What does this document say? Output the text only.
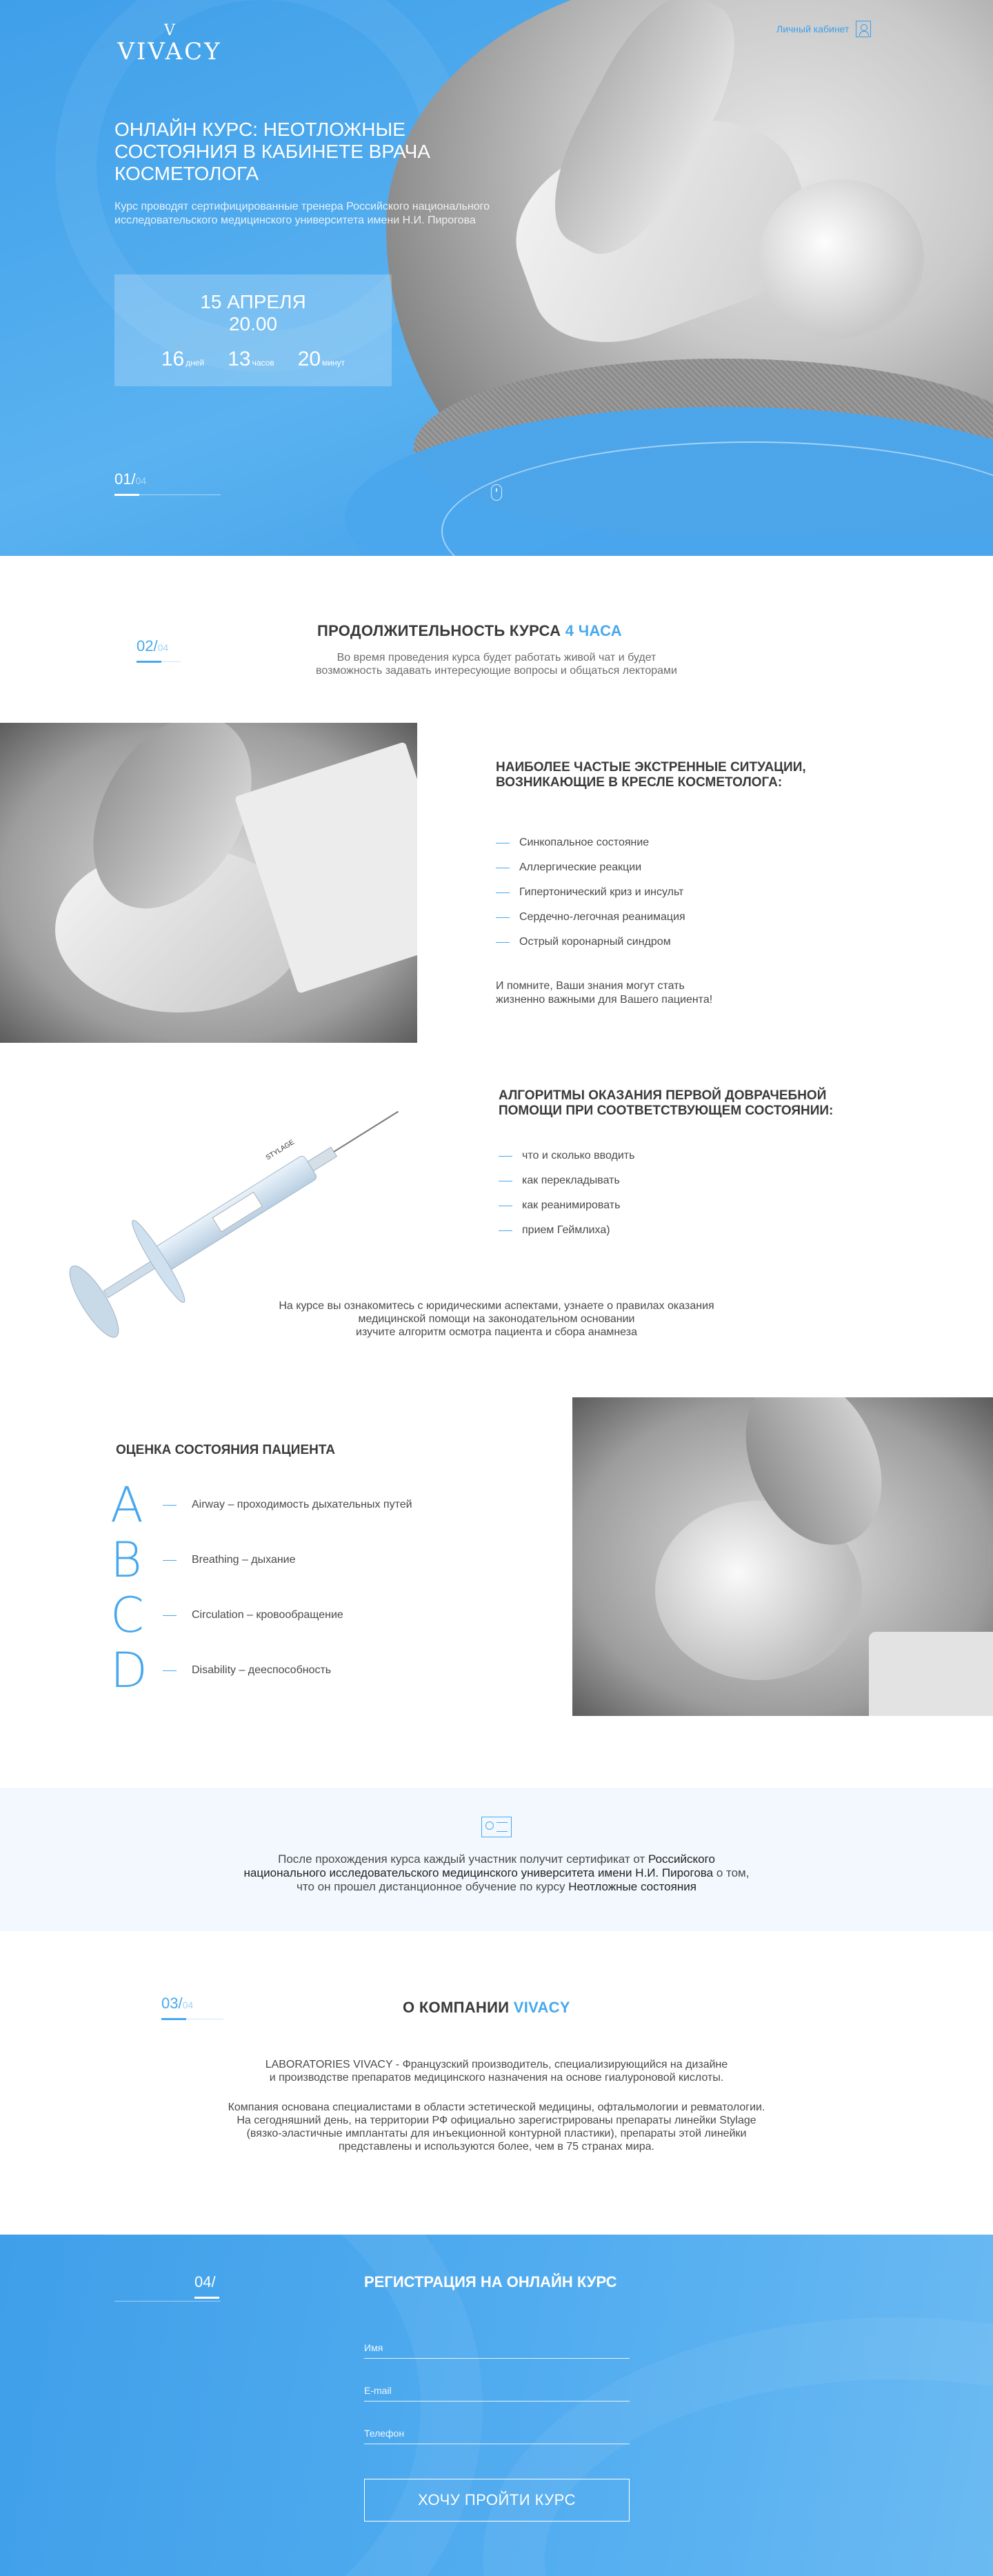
V
VIVACY
Личный кабинет
ОНЛАЙН КУРС: НЕОТЛОЖНЫЕ СОСТОЯНИЯ В КАБИНЕТЕ ВРАЧА КОСМЕТОЛОГА

Курс проводят сертифицированные тренера Российского национального исследовательского медицинского университета имени Н.И. Пирогова

15 АПРЕЛЯ
20.00
16 дней 13 часов 20 минут
01/ 04
02/ 04
ПРОДОЛЖИТЕЛЬНОСТЬ КУРСА 4 ЧАСА

Во время проведения курса будет работать живой чат и будет
возможность задавать интересующие вопросы и общаться лекторами

НАИБОЛЕЕ ЧАСТЫЕ ЭКСТРЕННЫЕ СИТУАЦИИ,
ВОЗНИКАЮЩИЕ В КРЕСЛЕ КОСМЕТОЛОГА:
Синкопальное состояние
Аллергические реакции
Гипертонический криз и инсульт
Сердечно-легочная реанимация
Острый коронарный синдром

И помните, Ваши знания могут стать
жизненно важными для Вашего пациента!

STYLAGE
АЛГОРИТМЫ ОКАЗАНИЯ ПЕРВОЙ ДОВРАЧЕБНОЙ
ПОМОЩИ ПРИ СООТВЕТСТВУЮЩЕМ СОСТОЯНИИ:
что и сколько вводить
как перекладывать
как реанимировать
прием Геймлиха)

На курсе вы ознакомитесь с юридическими аспектами, узнаете о правилах оказания
медицинской помощи на законодательном основании
изучите алгоритм осмотра пациента и сбора анамнеза

ОЦЕНКА СОСТОЯНИЯ ПАЦИЕНТА
A	Airway – проходимость дыхательных путей
B	Breathing – дыхание
C	Circulation – кровообращение
D	Disability – дееспособность

После прохождения курса каждый участник получит сертификат от Российского
национального исследовательского медицинского университета имени Н.И. Пирогова о том,
что он прошел дистанционное обучение по курсу Неотложные состояния

03/ 04	О КОМПАНИИ VIVACY

LABORATORIES VIVACY - Французский производитель, специализирующийся на дизайне
и производстве препаратов медицинского назначения на основе гиалуроновой кислоты.

Компания основана специалистами в области эстетической медицины, офтальмологии и ревматологии.
На сегодняшний день, на территории РФ официально зарегистрированы препараты линейки Stylage
(вязко-эластичные имплантаты для инъекционной контурной пластики), препараты этой линейки
представлены и используются более, чем в 75 странах мира.

04/	РЕГИСТРАЦИЯ НА ОНЛАЙН КУРС
Имя
E-mail
Телефон
ХОЧУ ПРОЙТИ КУРС
